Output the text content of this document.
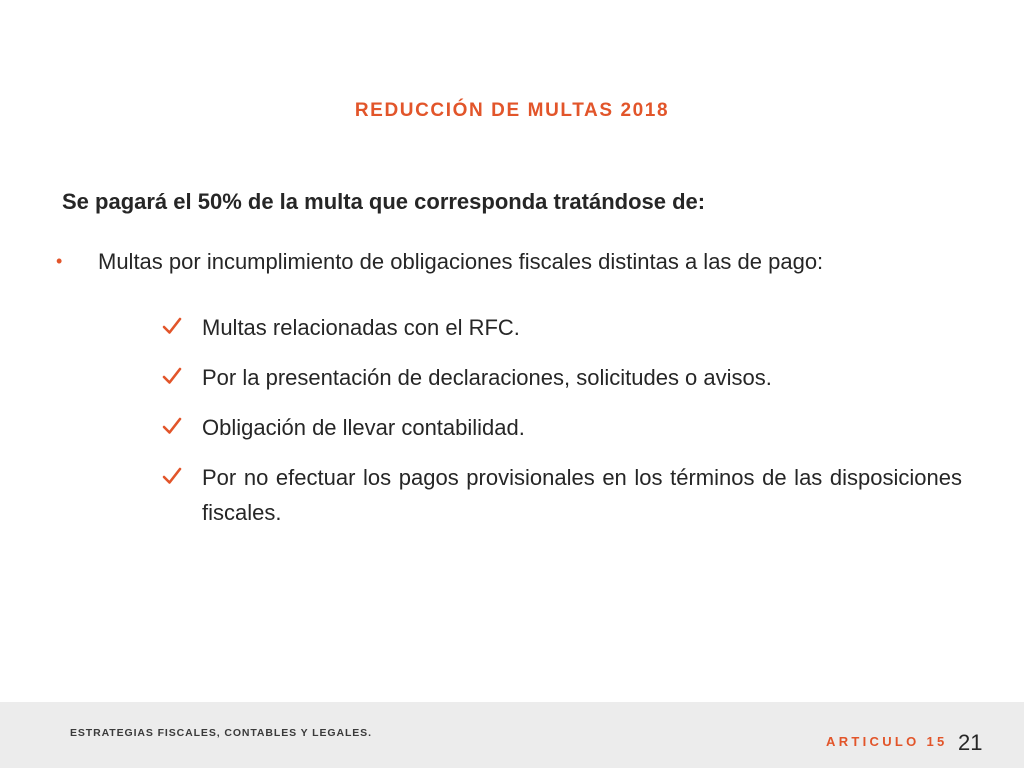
REDUCCIÓN DE MULTAS 2018
Se pagará el 50% de la multa que corresponda tratándose de:
• Multas por incumplimiento de obligaciones fiscales distintas a las de pago:
Multas relacionadas con el RFC.
Por la presentación de declaraciones, solicitudes o avisos.
Obligación de llevar contabilidad.
Por no efectuar los pagos provisionales en los términos de las disposiciones fiscales.
ESTRATEGIAS FISCALES, CONTABLES Y LEGALES.
ARTICULO 15 21
